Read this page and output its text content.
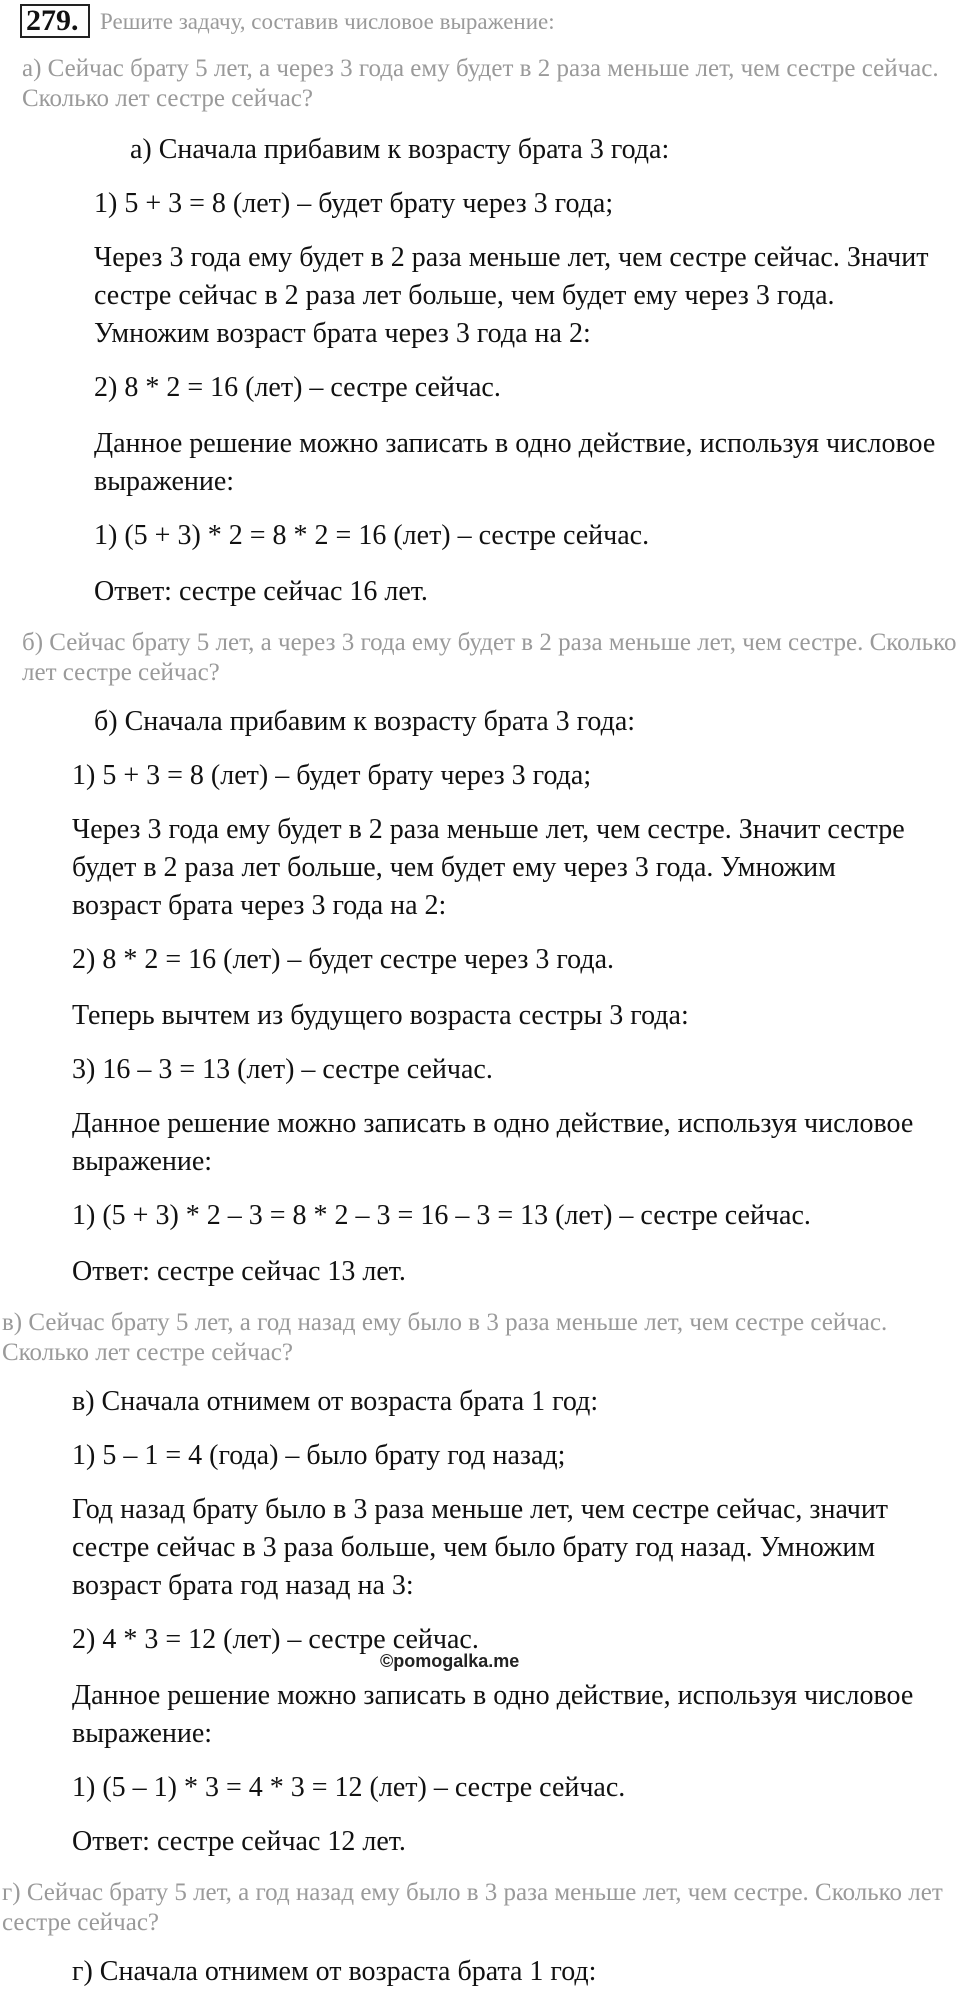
279. Решите задачу, составив числовое выражение:
а) Сейчас брату 5 лет, а через 3 года ему будет в 2 раза меньше лет, чем сестре сейчас.
Сколько лет сестре сейчас?
а) Сначала прибавим к возрасту брата 3 года:
1) 5 + 3 = 8 (лет) – будет брату через 3 года;
Через 3 года ему будет в 2 раза меньше лет, чем сестре сейчас. Значит
сестре сейчас в 2 раза лет больше, чем будет ему через 3 года.
Умножим возраст брата через 3 года на 2:
2) 8 * 2 = 16 (лет) – сестре сейчас.
Данное решение можно записать в одно действие, используя числовое
выражение:
1) (5 + 3) * 2 = 8 * 2 = 16 (лет) – сестре сейчас.
Ответ: сестре сейчас 16 лет.
б) Сейчас брату 5 лет, а через 3 года ему будет в 2 раза меньше лет, чем сестре. Сколько
лет сестре сейчас?
б) Сначала прибавим к возрасту брата 3 года:
1) 5 + 3 = 8 (лет) – будет брату через 3 года;
Через 3 года ему будет в 2 раза меньше лет, чем сестре. Значит сестре
будет в 2 раза лет больше, чем будет ему через 3 года. Умножим
возраст брата через 3 года на 2:
2) 8 * 2 = 16 (лет) – будет сестре через 3 года.
Теперь вычтем из будущего возраста сестры 3 года:
3) 16 – 3 = 13 (лет) – сестре сейчас.
Данное решение можно записать в одно действие, используя числовое
выражение:
1) (5 + 3) * 2 – 3 = 8 * 2 – 3 = 16 – 3 = 13 (лет) – сестре сейчас.
Ответ: сестре сейчас 13 лет.
в) Сейчас брату 5 лет, а год назад ему было в 3 раза меньше лет, чем сестре сейчас.
Сколько лет сестре сейчас?
в) Сначала отнимем от возраста брата 1 год:
1) 5 – 1 = 4 (года) – было брату год назад;
Год назад брату было в 3 раза меньше лет, чем сестре сейчас, значит
сестре сейчас в 3 раза больше, чем было брату год назад. Умножим
возраст брата год назад на 3:
2) 4 * 3 = 12 (лет) – сестре сейчас.
©pomogalka.me
Данное решение можно записать в одно действие, используя числовое
выражение:
1) (5 – 1) * 3 = 4 * 3 = 12 (лет) – сестре сейчас.
Ответ: сестре сейчас 12 лет.
г) Сейчас брату 5 лет, а год назад ему было в 3 раза меньше лет, чем сестре. Сколько лет
сестре сейчас?
г) Сначала отнимем от возраста брата 1 год:
